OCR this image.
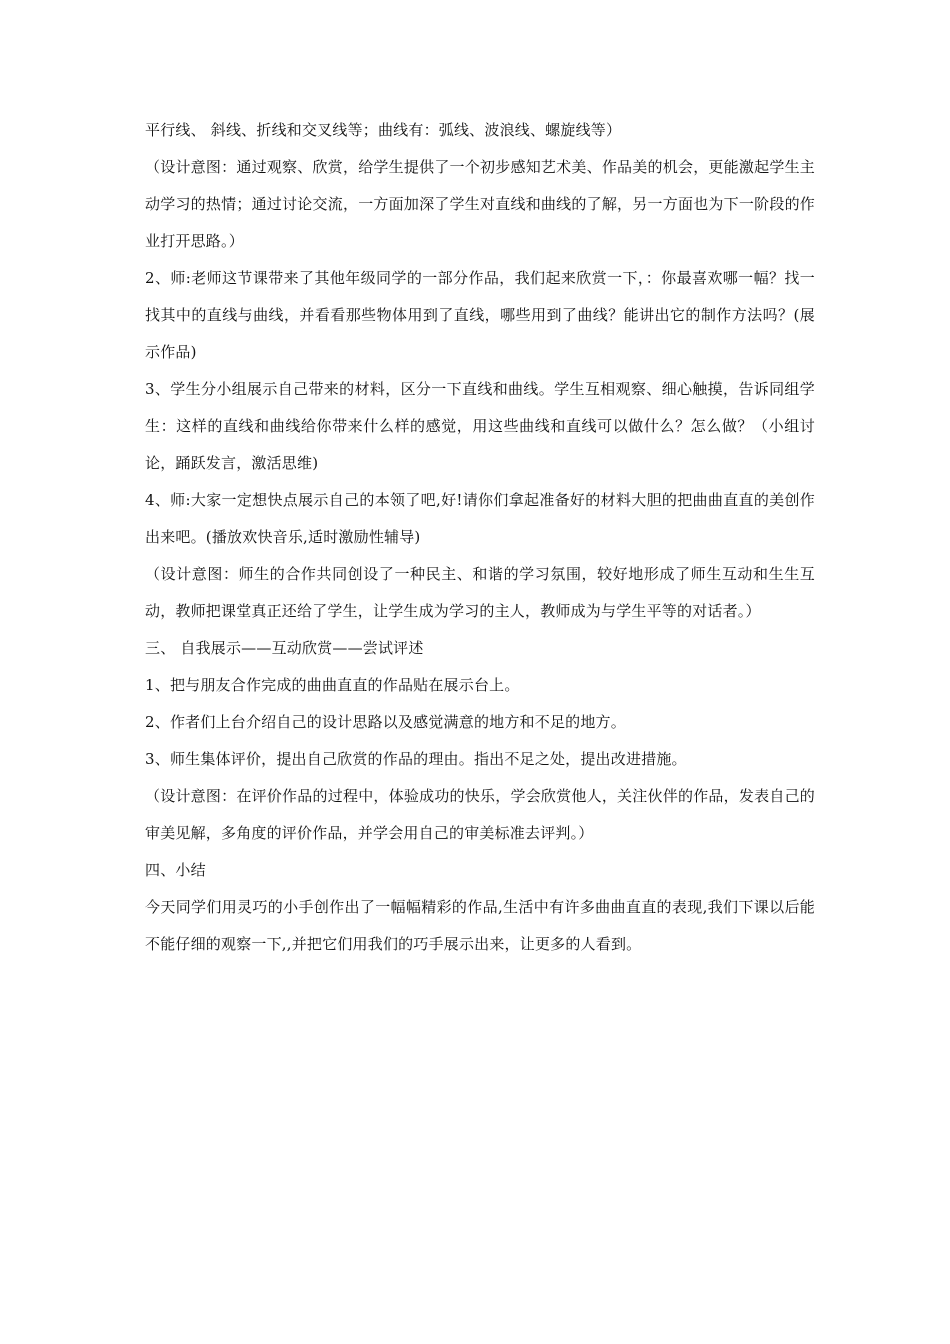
平行线、 斜线、折线和交叉线等；曲线有：弧线、波浪线、螺旋线等）

（设计意图：通过观察、欣赏，给学生提供了一个初步感知艺术美、作品美的机会，更能激起学生主动学习的热情；通过讨论交流，一方面加深了学生对直线和曲线的了解，另一方面也为下一阶段的作业打开思路。）

2、师:老师这节课带来了其他年级同学的一部分作品，我们起来欣赏一下，：你最喜欢哪一幅？找一找其中的直线与曲线，并看看那些物体用到了直线，哪些用到了曲线？能讲出它的制作方法吗？(展示作品)

3、学生分小组展示自己带来的材料，区分一下直线和曲线。学生互相观察、细心触摸，告诉同组学生：这样的直线和曲线给你带来什么样的感觉，用这些曲线和直线可以做什么？怎么做？（小组讨论，踊跃发言，激活思维)

4、师:大家一定想快点展示自己的本领了吧,好!请你们拿起准备好的材料大胆的把曲曲直直的美创作出来吧。(播放欢快音乐,适时激励性辅导)

（设计意图：师生的合作共同创设了一种民主、和谐的学习氛围，较好地形成了师生互动和生生互动，教师把课堂真正还给了学生，让学生成为学习的主人，教师成为与学生平等的对话者。）

三、 自我展示——互动欣赏——尝试评述

1、把与朋友合作完成的曲曲直直的作品贴在展示台上。

2、作者们上台介绍自己的设计思路以及感觉满意的地方和不足的地方。

3、师生集体评价，提出自己欣赏的作品的理由。指出不足之处，提出改进措施。

（设计意图：在评价作品的过程中，体验成功的快乐，学会欣赏他人，关注伙伴的作品，发表自己的审美见解，多角度的评价作品，并学会用自己的审美标准去评判。）

四、小结

今天同学们用灵巧的小手创作出了一幅幅精彩的作品,生活中有许多曲曲直直的表现,我们下课以后能不能仔细的观察一下,,并把它们用我们的巧手展示出来，让更多的人看到。
